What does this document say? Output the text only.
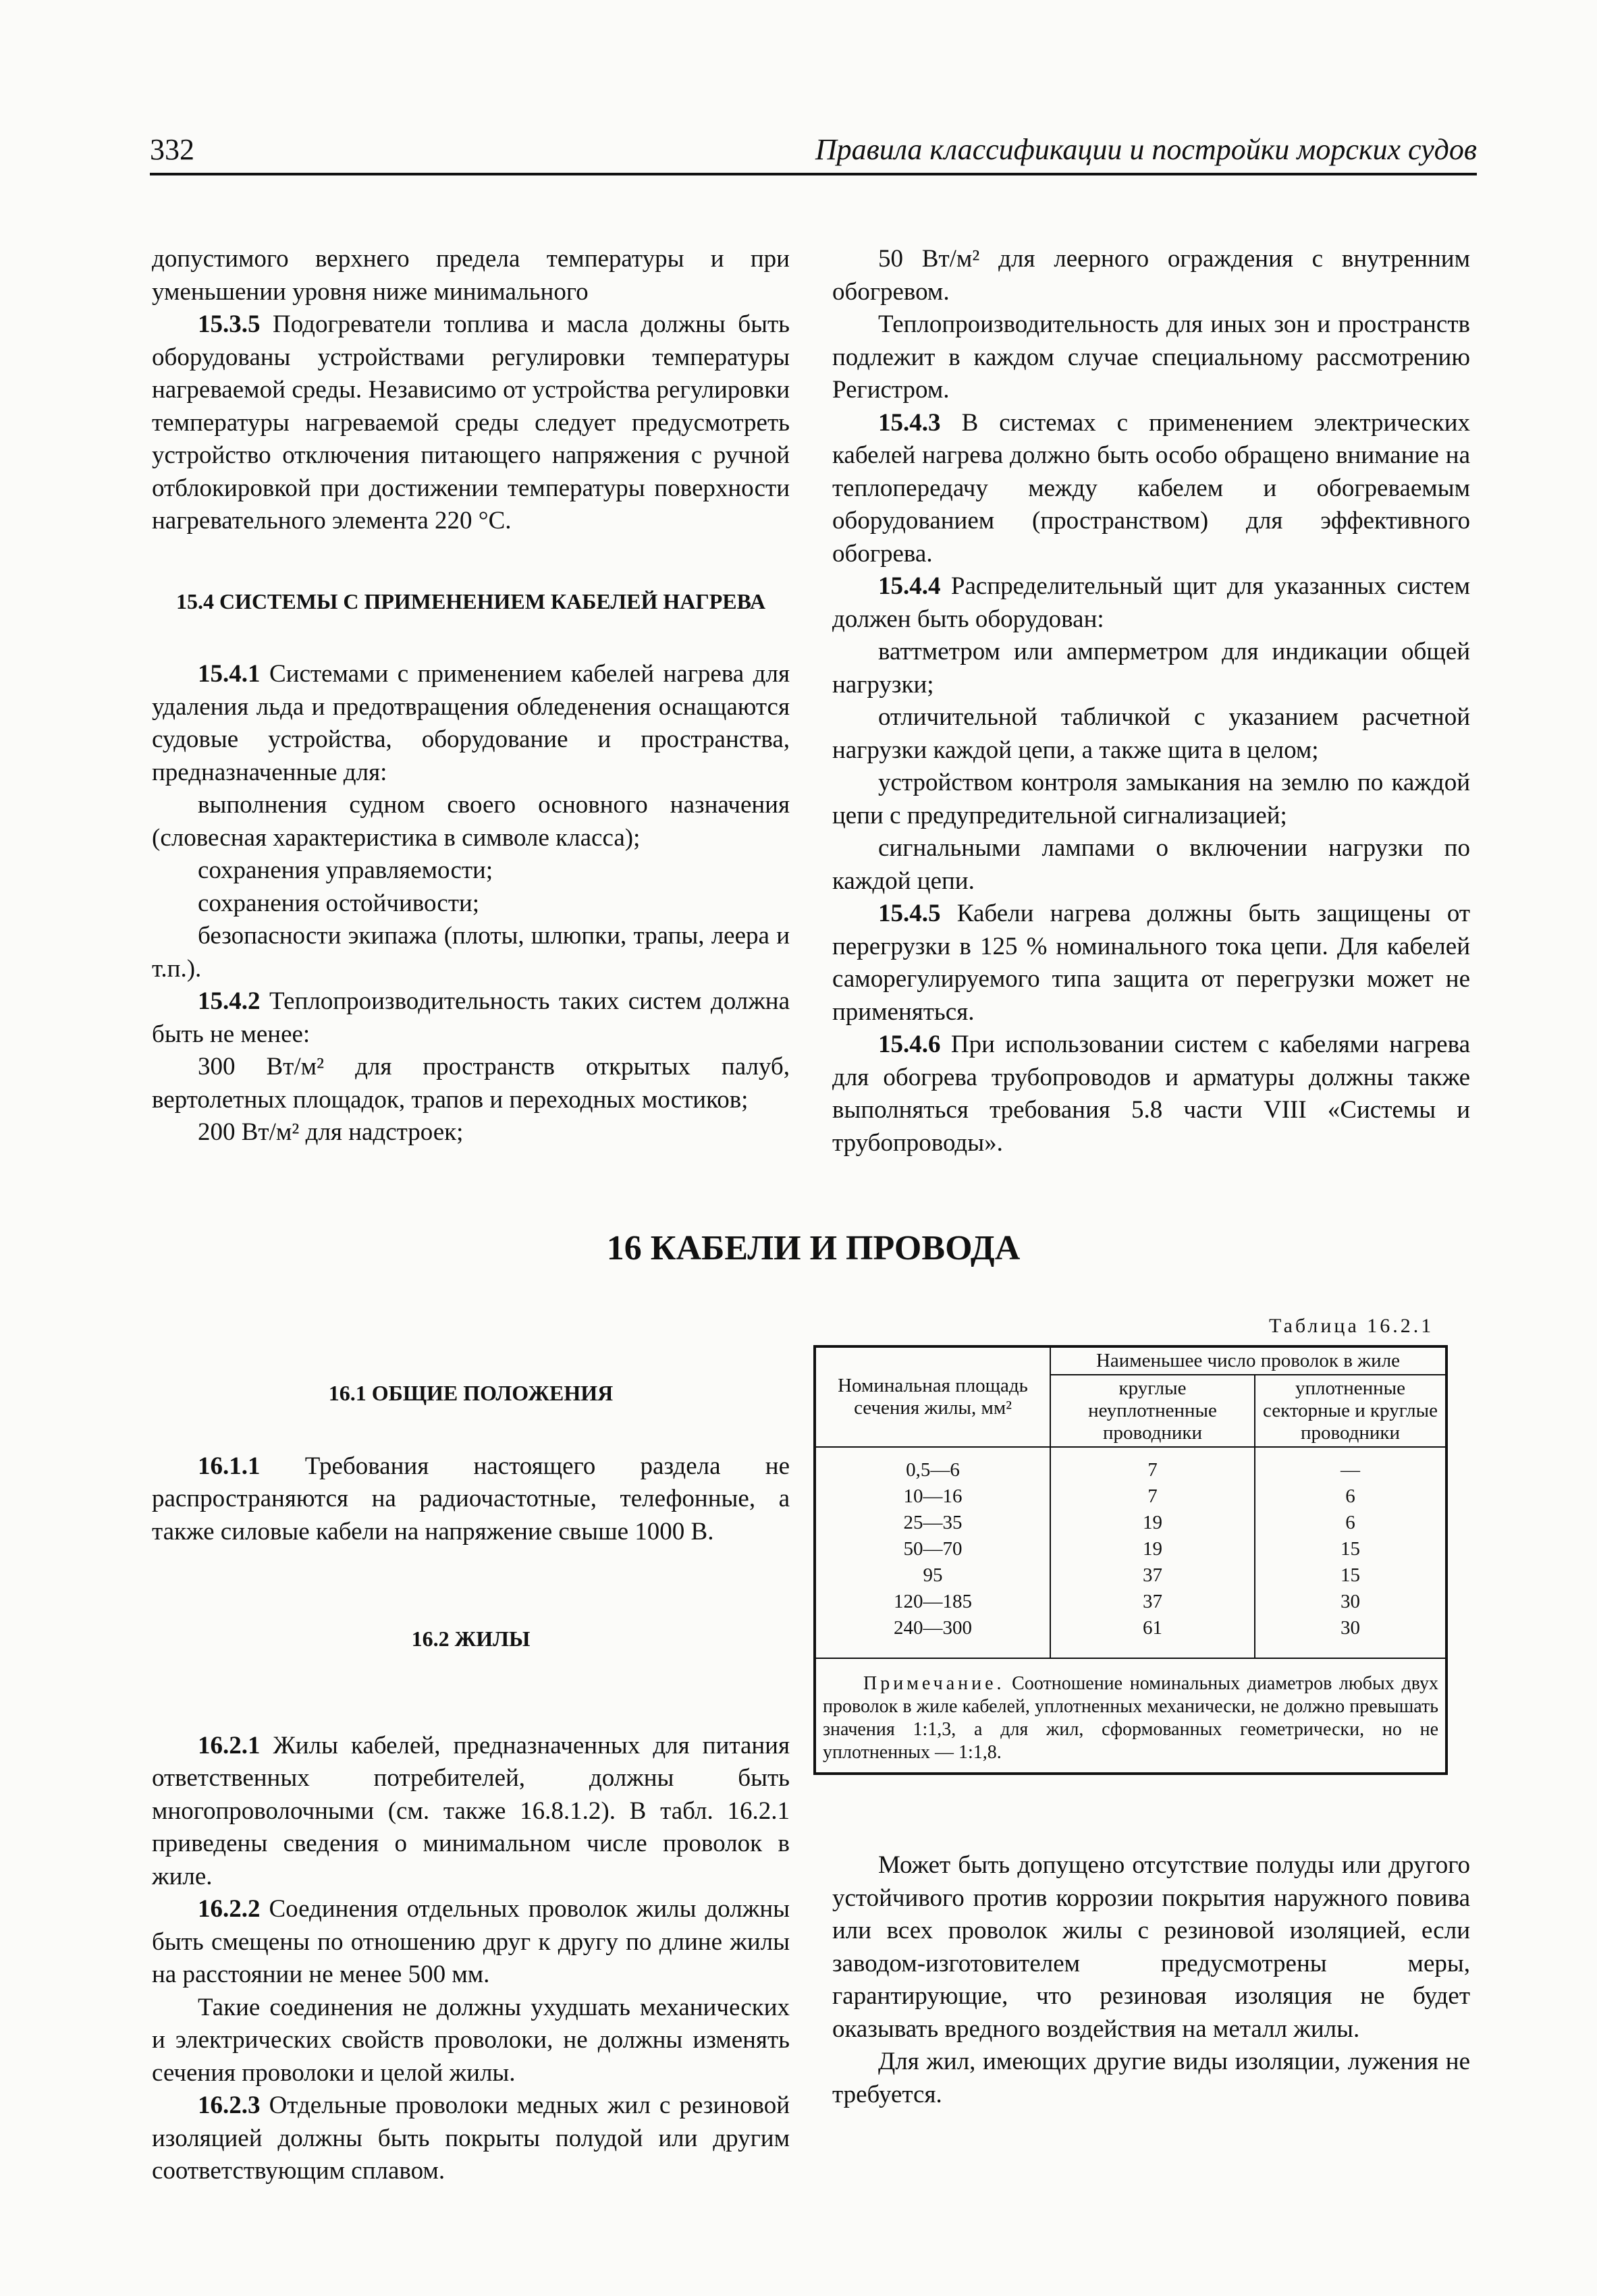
332	Правила классификации и постройки морских судов

допустимого верхнего предела температуры и при уменьшении уровня ниже минимального

15.3.5 Подогреватели топлива и масла должны быть оборудованы устройствами регулировки температуры нагреваемой среды. Независимо от устройства регулировки температуры нагреваемой среды следует предусмотреть устройство отключения питающего напряжения с ручной отблокировкой при достижении температуры поверхности нагревательного элемента 220 °С.

15.4 СИСТЕМЫ С ПРИМЕНЕНИЕМ КАБЕЛЕЙ НАГРЕВА

15.4.1 Системами с применением кабелей нагрева для удаления льда и предотвращения обледенения оснащаются судовые устройства, оборудование и пространства, предназначенные для:

выполнения судном своего основного назначения (словесная характеристика в символе класса);

сохранения управляемости;

сохранения остойчивости;

безопасности экипажа (плоты, шлюпки, трапы, леера и т.п.).

15.4.2 Теплопроизводительность таких систем должна быть не менее:

300 Вт/м² для пространств открытых палуб, вертолетных площадок, трапов и переходных мостиков;

200 Вт/м² для надстроек;

50 Вт/м² для леерного ограждения с внутренним обогревом.

Теплопроизводительность для иных зон и пространств подлежит в каждом случае специальному рассмотрению Регистром.

15.4.3 В системах с применением электрических кабелей нагрева должно быть особо обращено внимание на теплопередачу между кабелем и обогреваемым оборудованием (пространством) для эффективного обогрева.

15.4.4 Распределительный щит для указанных систем должен быть оборудован:

ваттметром или амперметром для индикации общей нагрузки;

отличительной табличкой с указанием расчетной нагрузки каждой цепи, а также щита в целом;

устройством контроля замыкания на землю по каждой цепи с предупредительной сигнализацией;

сигнальными лампами о включении нагрузки по каждой цепи.

15.4.5 Кабели нагрева должны быть защищены от перегрузки в 125 % номинального тока цепи. Для кабелей саморегулируемого типа защита от перегрузки может не применяться.

15.4.6 При использовании систем с кабелями нагрева для обогрева трубопроводов и арматуры должны также выполняться требования 5.8 части VIII «Системы и трубопроводы».

16 КАБЕЛИ И ПРОВОДА

16.1 ОБЩИЕ ПОЛОЖЕНИЯ

16.1.1 Требования настоящего раздела не распространяются на радиочастотные, телефонные, а также силовые кабели на напряжение свыше 1000 В.

16.2 ЖИЛЫ

16.2.1 Жилы кабелей, предназначенных для питания ответственных потребителей, должны быть многопроволочными (см. также 16.8.1.2). В табл. 16.2.1 приведены сведения о минимальном числе проволок в жиле.

16.2.2 Соединения отдельных проволок жилы должны быть смещены по отношению друг к другу по длине жилы на расстоянии не менее 500 мм.

Такие соединения не должны ухудшать механических и электрических свойств проволоки, не должны изменять сечения проволоки и целой жилы.

16.2.3 Отдельные проволоки медных жил с резиновой изоляцией должны быть покрыты полудой или другим соответствующим сплавом.

Таблица 16.2.1
Номинальная площадь сечения жилы, мм²	Наименьшее число проволок в жиле	
	круглые неуплотненные проводники	уплотненные секторные и круглые проводники
0,5—6	7	—
10—16	7	6
25—35	19	6
50—70	19	15
95	37	15
120—185	37	30
240—300	61	30
Примечание. Соотношение номинальных диаметров любых двух проволок в жиле кабелей, уплотненных механически, не должно превышать значения 1:1,3, а для жил, сформованных геометрически, но не уплотненных — 1:1,8.		

Может быть допущено отсутствие полуды или другого устойчивого против коррозии покрытия наружного повива или всех проволок жилы с резиновой изоляцией, если заводом-изготовителем предусмотрены меры, гарантирующие, что резиновая изоляция не будет оказывать вредного воздействия на металл жилы.

Для жил, имеющих другие виды изоляции, лужения не требуется.
